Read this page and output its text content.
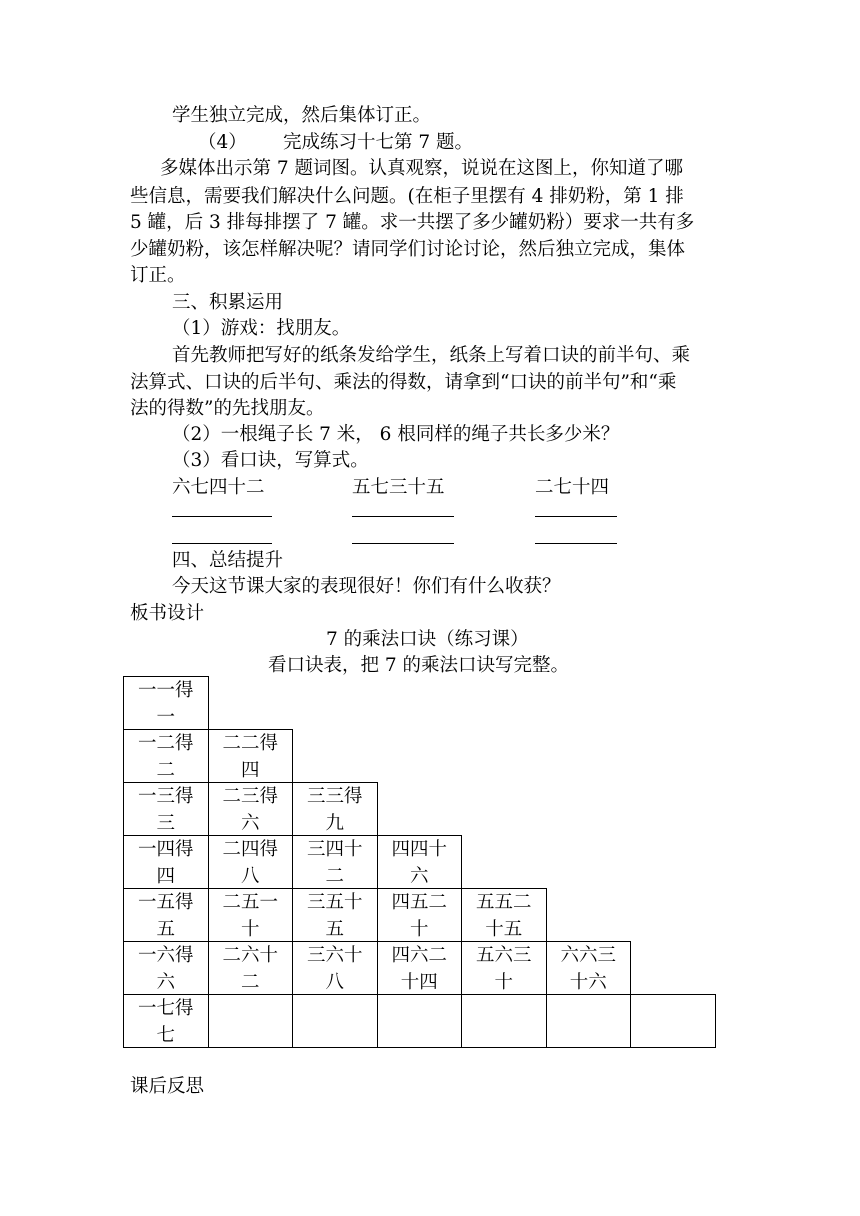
学生独立完成，然后集体订正。
（4） 完成练习十七第 7 题。
多媒体出示第 7 题词图。认真观察，说说在这图上，你知道了哪
些信息，需要我们解决什么问题。(在柜子里摆有 4 排奶粉，第 1 排
5 罐，后 3 排每排摆了 7 罐。求一共摆了多少罐奶粉）要求一共有多
少罐奶粉，该怎样解决呢？请同学们讨论讨论，然后独立完成，集体
订正。
三、积累运用
（1）游戏：找朋友。
首先教师把写好的纸条发给学生，纸条上写着口诀的前半句、乘
法算式、口诀的后半句、乘法的得数，请拿到“口诀的前半句”和“乘
法的得数”的先找朋友。
（2）一根绳子长 7 米， 6 根同样的绳子共长多少米？
（3）看口诀，写算式。
六七四十二	五七三十五	二七十四
四、总结提升
今天这节课大家的表现很好！你们有什么收获？
板书设计
7 的乘法口诀（练习课）
看口诀表，把 7 的乘法口诀写完整。
一一得
一
一二得
二
二二得
四
一三得
三
二三得
六
三三得
九
一四得
四
二四得
八
三四十
二
四四十
六
一五得
五
二五一
十
三五十
五
四五二
十
五五二
十五
一六得
六
二六十
二
三六十
八
四六二
十四
五六三
十
六六三
十六
一七得
七
课后反思
